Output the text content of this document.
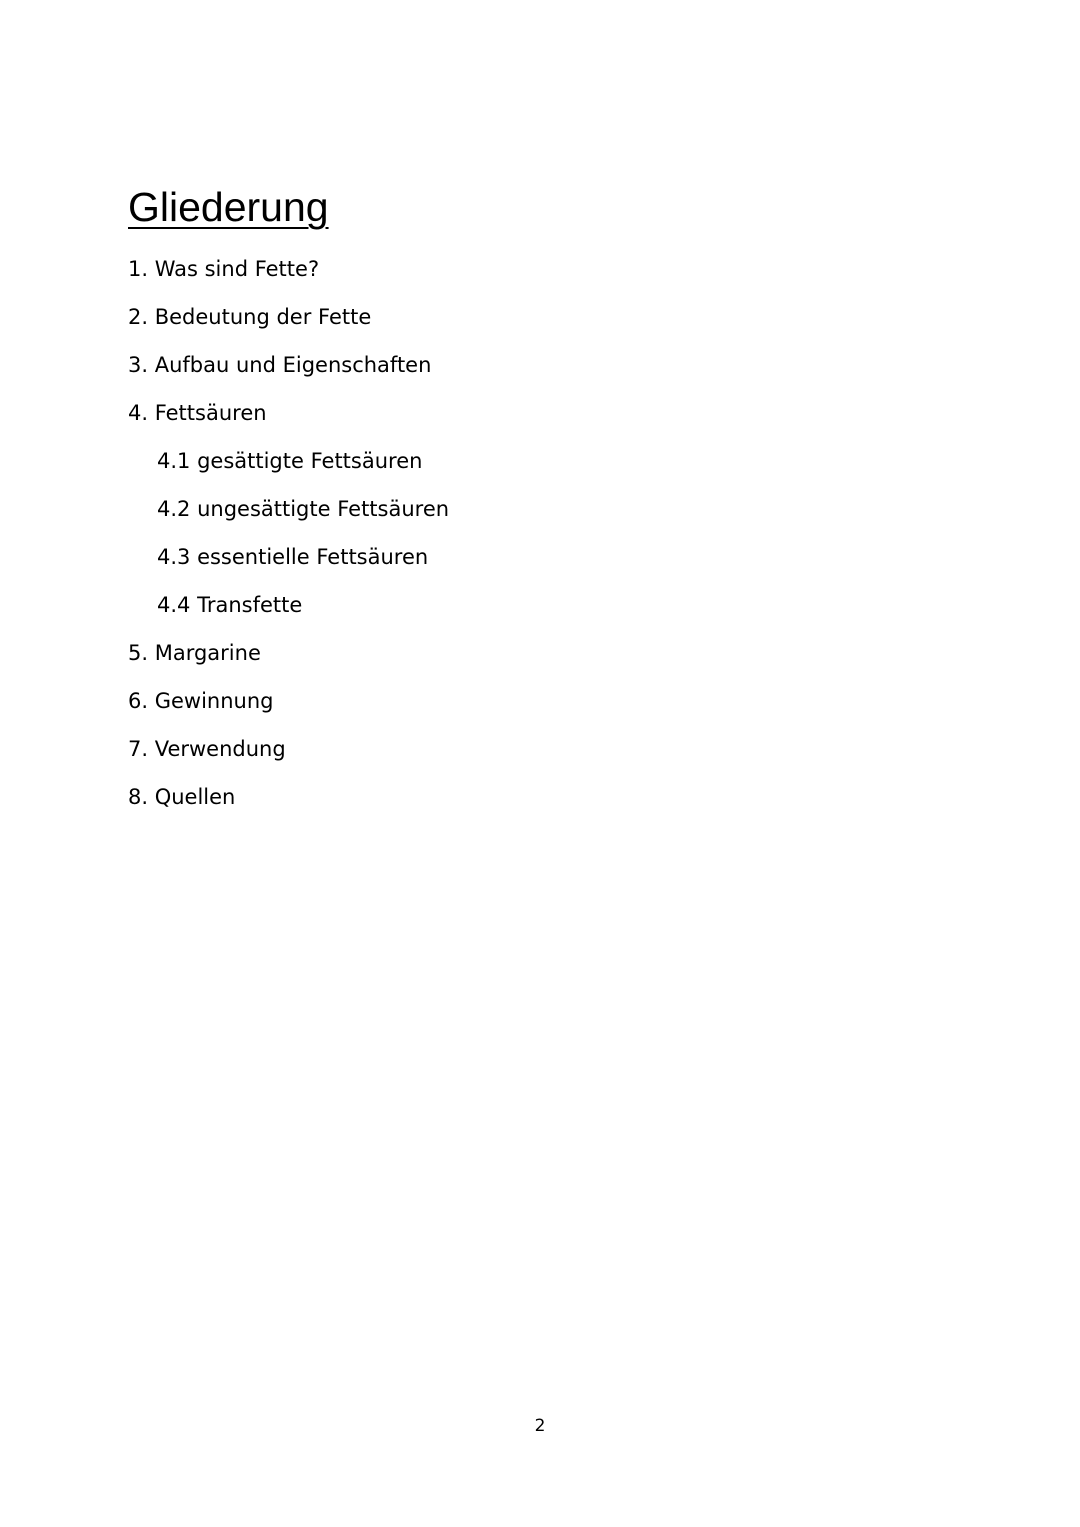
Gliederung
1. Was sind Fette?
2. Bedeutung der Fette
3. Aufbau und Eigenschaften
4. Fettsäuren
4.1 gesättigte Fettsäuren
4.2 ungesättigte Fettsäuren
4.3 essentielle Fettsäuren
4.4 Transfette
5. Margarine
6. Gewinnung
7. Verwendung
8. Quellen
2
